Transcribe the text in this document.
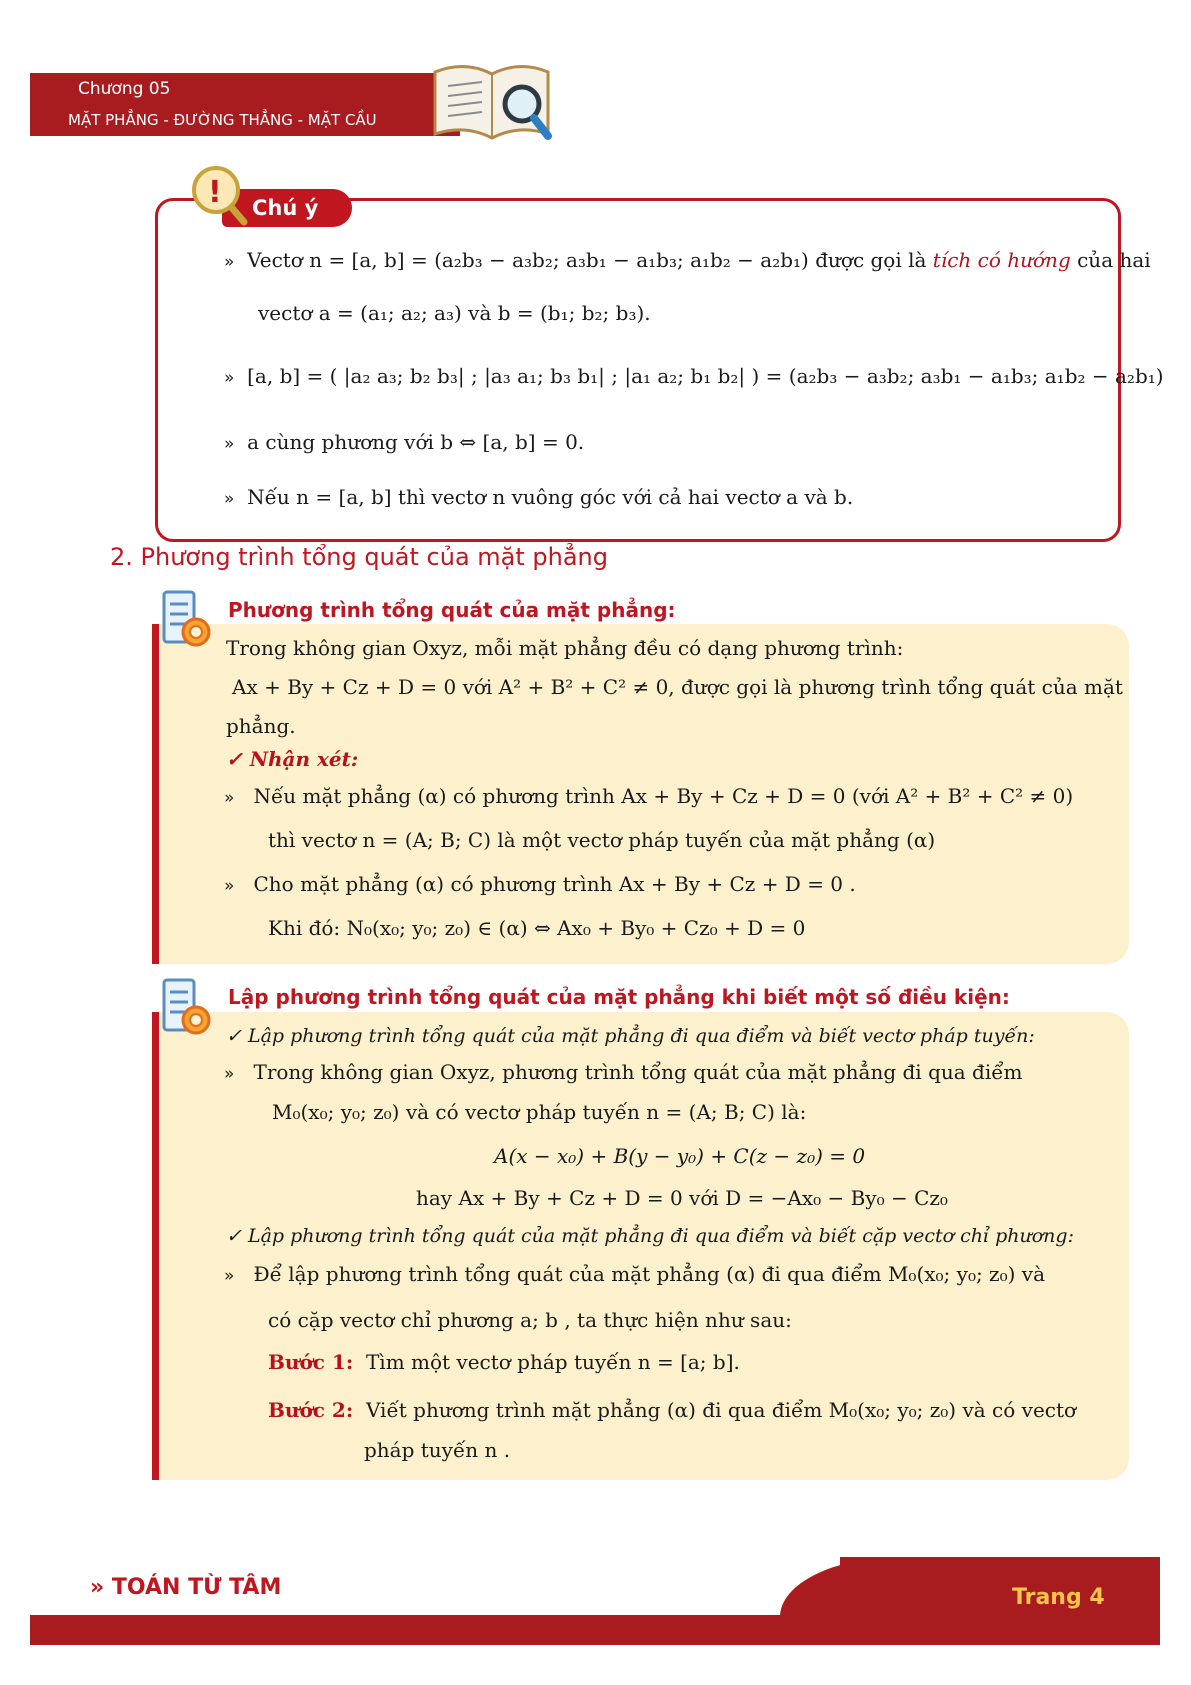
Chương 05
MẶT PHẲNG - ĐƯỜNG THẲNG - MẶT CẦU
Chú ý
!
» Vectơ n = [a, b] = (a₂b₃ − a₃b₂; a₃b₁ − a₁b₃; a₁b₂ − a₂b₁) được gọi là tích có hướng của hai
vectơ a = (a₁; a₂; a₃) và b = (b₁; b₂; b₃).
» [a, b] = ( |a₂ a₃; b₂ b₃| ; |a₃ a₁; b₃ b₁| ; |a₁ a₂; b₁ b₂| ) = (a₂b₃ − a₃b₂; a₃b₁ − a₁b₃; a₁b₂ − a₂b₁)
» a cùng phương với b ⇔ [a, b] = 0.
» Nếu n = [a, b] thì vectơ n vuông góc với cả hai vectơ a và b.
2. Phương trình tổng quát của mặt phẳng
Phương trình tổng quát của mặt phẳng:
Trong không gian Oxyz, mỗi mặt phẳng đều có dạng phương trình:
Ax + By + Cz + D = 0 với A² + B² + C² ≠ 0, được gọi là phương trình tổng quát của mặt
phẳng.
✓ Nhận xét:
» Nếu mặt phẳng (α) có phương trình Ax + By + Cz + D = 0 (với A² + B² + C² ≠ 0)
thì vectơ n = (A; B; C) là một vectơ pháp tuyến của mặt phẳng (α)
» Cho mặt phẳng (α) có phương trình Ax + By + Cz + D = 0 .
Khi đó: N₀(x₀; y₀; z₀) ∈ (α) ⇔ Ax₀ + By₀ + Cz₀ + D = 0
Lập phương trình tổng quát của mặt phẳng khi biết một số điều kiện:
✓ Lập phương trình tổng quát của mặt phẳng đi qua điểm và biết vectơ pháp tuyến:
» Trong không gian Oxyz, phương trình tổng quát của mặt phẳng đi qua điểm
M₀(x₀; y₀; z₀) và có vectơ pháp tuyến n = (A; B; C) là:
A(x − x₀) + B(y − y₀) + C(z − z₀) = 0
hay Ax + By + Cz + D = 0 với D = −Ax₀ − By₀ − Cz₀
✓ Lập phương trình tổng quát của mặt phẳng đi qua điểm và biết cặp vectơ chỉ phương:
» Để lập phương trình tổng quát của mặt phẳng (α) đi qua điểm M₀(x₀; y₀; z₀) và
có cặp vectơ chỉ phương a; b , ta thực hiện như sau:
Bước 1: Tìm một vectơ pháp tuyến n = [a; b].
Bước 2: Viết phương trình mặt phẳng (α) đi qua điểm M₀(x₀; y₀; z₀) và có vectơ
pháp tuyến n .
» TOÁN TỪ TÂM	Trang 4
